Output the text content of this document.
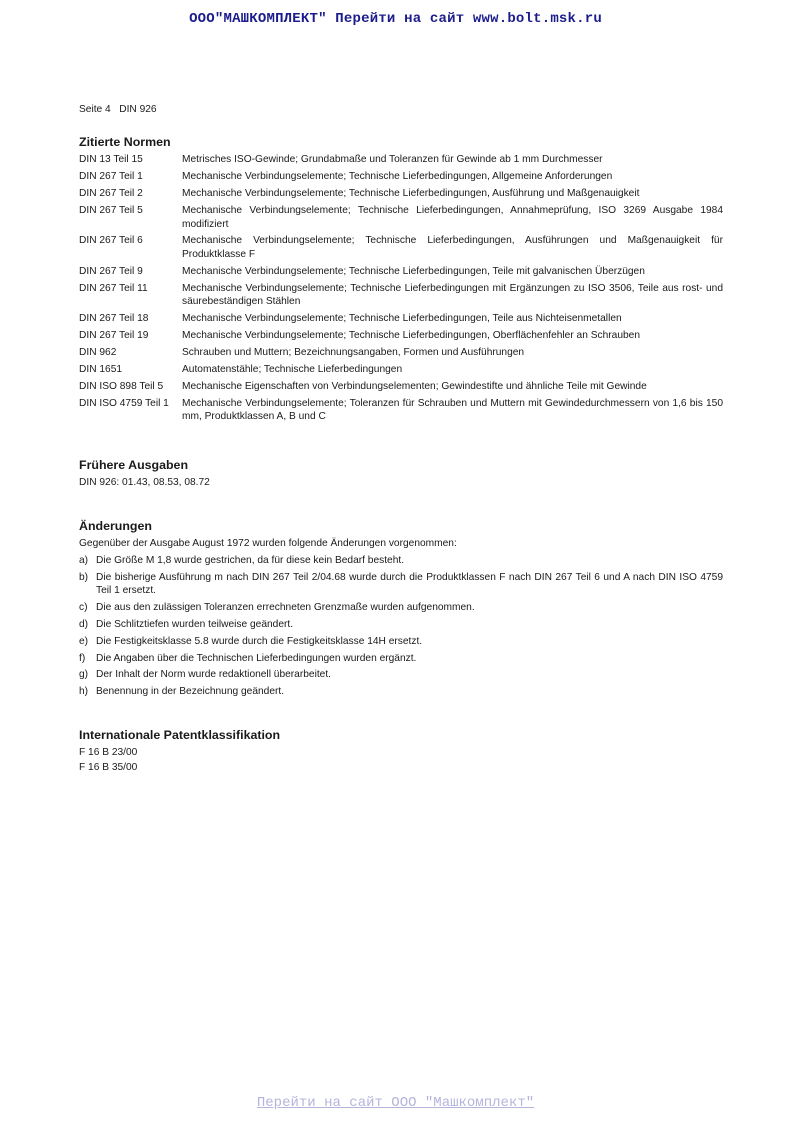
ООО"МАШКОМПЛЕКТ" Перейти на сайт www.bolt.msk.ru
Seite 4 DIN 926
Zitierte Normen
DIN 13 Teil 15	Metrisches ISO-Gewinde; Grundabmaße und Toleranzen für Gewinde ab 1 mm Durchmesser
DIN 267 Teil 1	Mechanische Verbindungselemente; Technische Lieferbedingungen, Allgemeine Anforderungen
DIN 267 Teil 2	Mechanische Verbindungselemente; Technische Lieferbedingungen, Ausführung und Maßgenauigkeit
DIN 267 Teil 5	Mechanische Verbindungselemente; Technische Lieferbedingungen, Annahmeprüfung, ISO 3269 Ausgabe 1984 modifiziert
DIN 267 Teil 6	Mechanische Verbindungselemente; Technische Lieferbedingungen, Ausführungen und Maßgenauigkeit für Produktklasse F
DIN 267 Teil 9	Mechanische Verbindungselemente; Technische Lieferbedingungen, Teile mit galvanischen Überzügen
DIN 267 Teil 11	Mechanische Verbindungselemente; Technische Lieferbedingungen mit Ergänzungen zu ISO 3506, Teile aus rost- und säurebeständigen Stählen
DIN 267 Teil 18	Mechanische Verbindungselemente; Technische Lieferbedingungen, Teile aus Nichteisenmetallen
DIN 267 Teil 19	Mechanische Verbindungselemente; Technische Lieferbedingungen, Oberflächenfehler an Schrauben
DIN 962	Schrauben und Muttern; Bezeichnungsangaben, Formen und Ausführungen
DIN 1651	Automatenstähle; Technische Lieferbedingungen
DIN ISO 898 Teil 5	Mechanische Eigenschaften von Verbindungselementen; Gewindestifte und ähnliche Teile mit Gewinde
DIN ISO 4759 Teil 1	Mechanische Verbindungselemente; Toleranzen für Schrauben und Muttern mit Gewindedurchmessern von 1,6 bis 150 mm, Produktklassen A, B und C
Frühere Ausgaben
DIN 926: 01.43, 08.53, 08.72
Änderungen
Gegenüber der Ausgabe August 1972 wurden folgende Änderungen vorgenommen:
a) Die Größe M 1,8 wurde gestrichen, da für diese kein Bedarf besteht.
b) Die bisherige Ausführung m nach DIN 267 Teil 2/04.68 wurde durch die Produktklassen F nach DIN 267 Teil 6 und A nach DIN ISO 4759 Teil 1 ersetzt.
c) Die aus den zulässigen Toleranzen errechneten Grenzmaße wurden aufgenommen.
d) Die Schlitztiefen wurden teilweise geändert.
e) Die Festigkeitsklasse 5.8 wurde durch die Festigkeitsklasse 14H ersetzt.
f) Die Angaben über die Technischen Lieferbedingungen wurden ergänzt.
g) Der Inhalt der Norm wurde redaktionell überarbeitet.
h) Benennung in der Bezeichnung geändert.
Internationale Patentklassifikation
F 16 B 23/00
F 16 B 35/00
Перейти на сайт ООО "Машкомплект"
